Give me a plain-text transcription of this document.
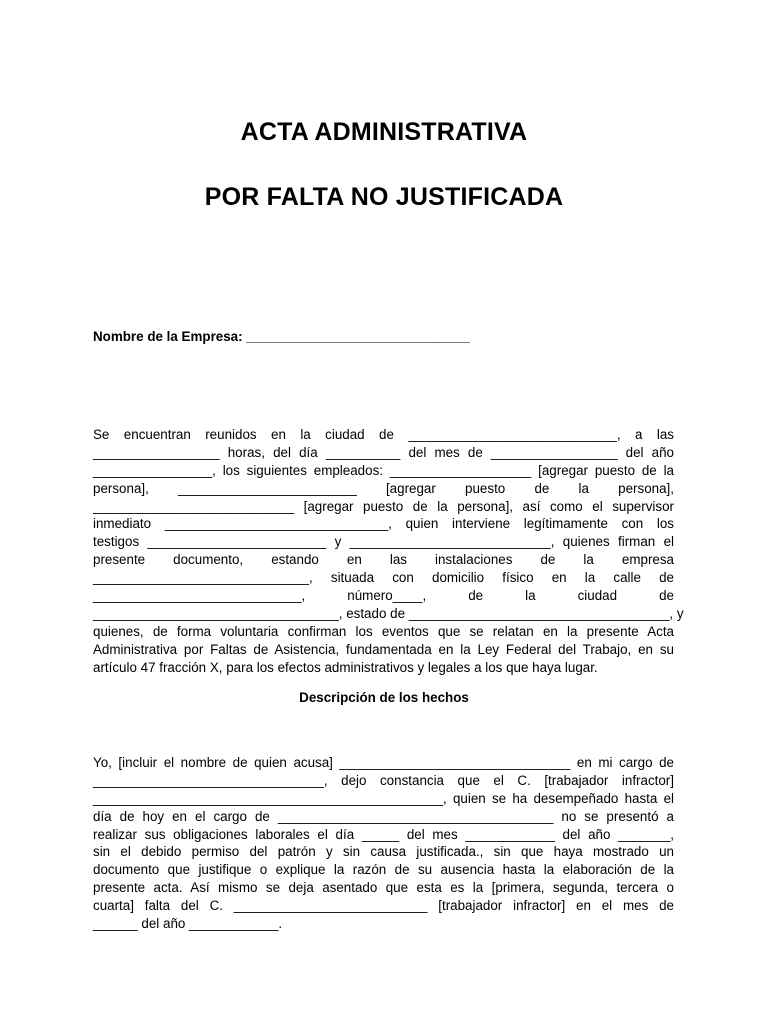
ACTA ADMINISTRATIVA
POR FALTA NO JUSTIFICADA
Nombre de la Empresa: ______________________________
Se encuentran reunidos en la ciudad de ____________________________, a las
_________________ horas, del día __________ del mes de _________________ del año
________________, los siguientes empleados: ___________________ [agregar puesto de la
persona], ________________________ [agregar puesto de la persona],
___________________________ [agregar puesto de la persona], así como el supervisor
inmediato ______________________________, quien interviene legítimamente con los
testigos ________________________ y ___________________________, quienes firman el
presente documento, estando en las instalaciones de la empresa
_____________________________, situada con domicilio físico en la calle de
____________________________, número____, de la ciudad de
_________________________________, estado de ___________________________________, y
quienes, de forma voluntaria confirman los eventos que se relatan en la presente Acta
Administrativa por Faltas de Asistencia, fundamentada en la Ley Federal del Trabajo, en su
artículo 47 fracción X, para los efectos administrativos y legales a los que haya lugar.
Descripción de los hechos
Yo, [incluir el nombre de quien acusa] _______________________________ en mi cargo de
_______________________________, dejo constancia que el C. [trabajador infractor]
_______________________________________________, quien se ha desempeñado hasta el
día de hoy en el cargo de _____________________________________ no se presentó a
realizar sus obligaciones laborales el día _____ del mes ____________ del año _______,
sin el debido permiso del patrón y sin causa justificada., sin que haya mostrado un
documento que justifique o explique la razón de su ausencia hasta la elaboración de la
presente acta. Así mismo se deja asentado que esta es la [primera, segunda, tercera o
cuarta] falta del C. __________________________ [trabajador infractor] en el mes de
______ del año ____________.
